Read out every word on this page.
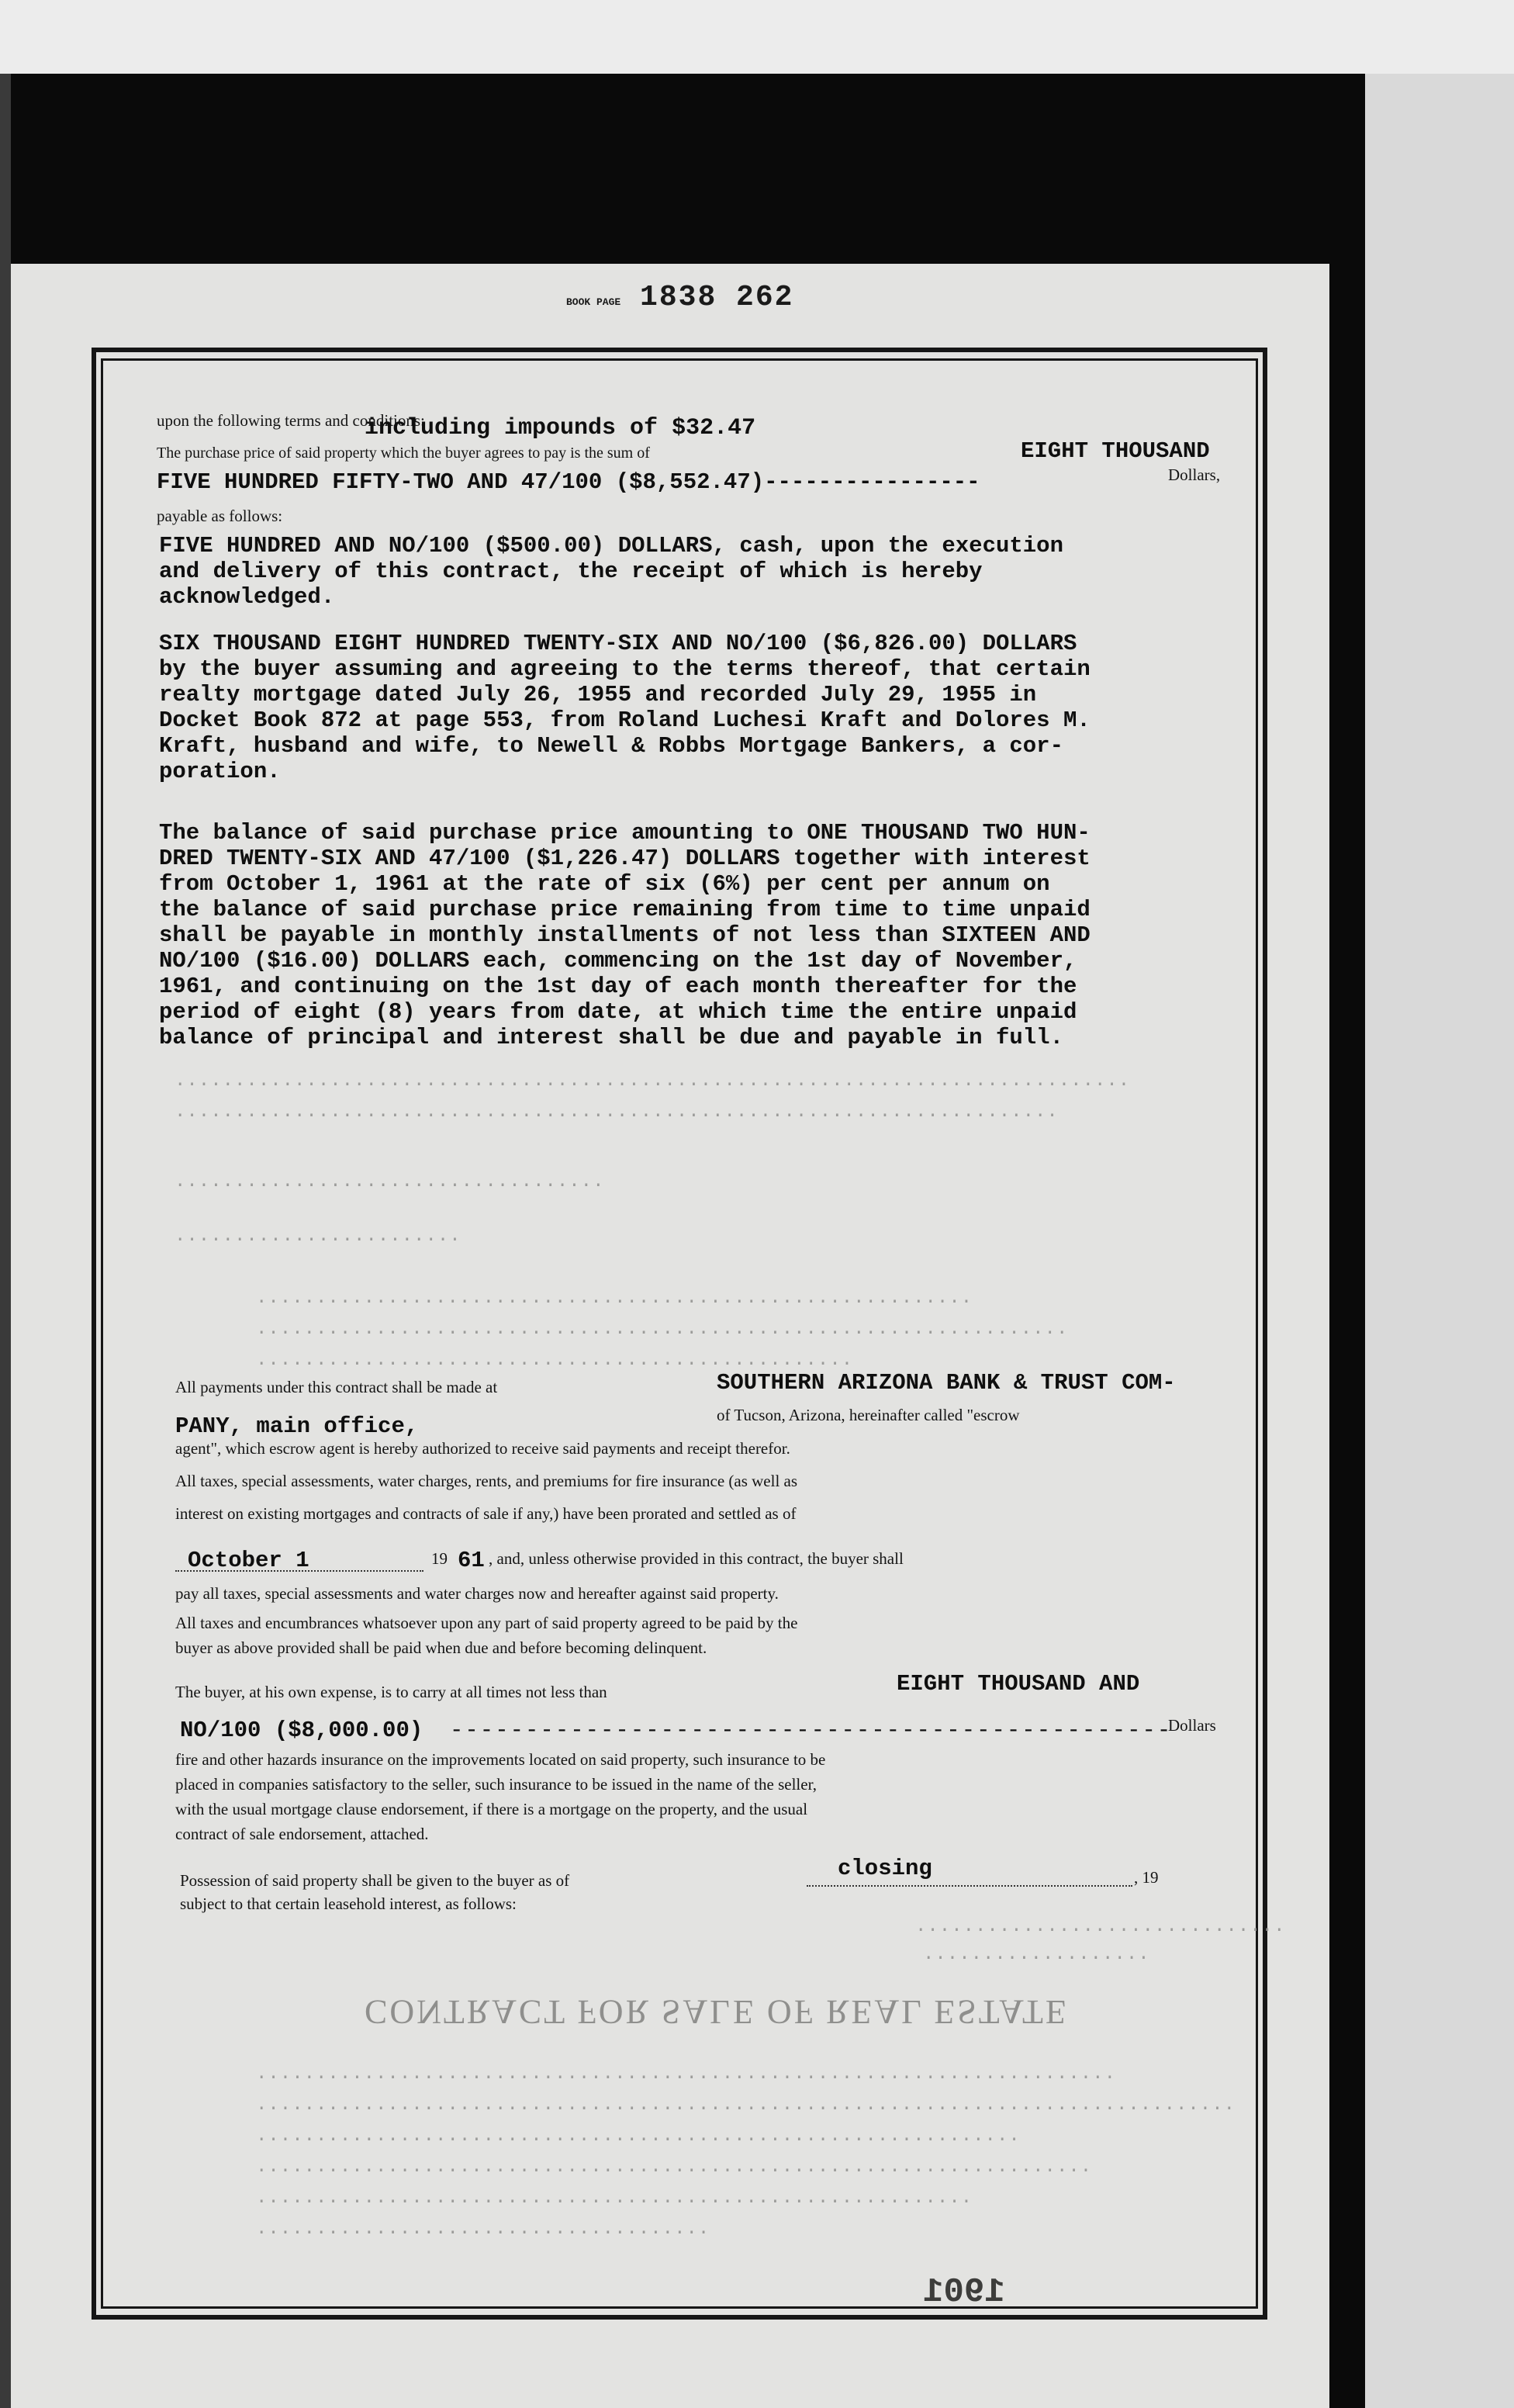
BOOK PAGE 1838 262
upon the following terms and conditions:
including impounds of $32.47
The purchase price of said property which the buyer agrees to pay is the sum of	EIGHT THOUSAND
FIVE HUNDRED FIFTY-TWO AND 47/100 ($8,552.47)----------------	Dollars,
payable as follows:
FIVE HUNDRED AND NO/100 ($500.00) DOLLARS, cash, upon the execution
and delivery of this contract, the receipt of which is hereby
acknowledged.
SIX THOUSAND EIGHT HUNDRED TWENTY-SIX AND NO/100 ($6,826.00) DOLLARS
by the buyer assuming and agreeing to the terms thereof, that certain
realty mortgage dated July 26, 1955 and recorded July 29, 1955 in
Docket Book 872 at page 553, from Roland Luchesi Kraft and Dolores M.
Kraft, husband and wife, to Newell & Robbs Mortgage Bankers, a cor-
poration.
The balance of said purchase price amounting to ONE THOUSAND TWO HUN-
DRED TWENTY-SIX AND 47/100 ($1,226.47) DOLLARS together with interest
from October 1, 1961 at the rate of six (6%) per cent per annum on
the balance of said purchase price remaining from time to time unpaid
shall be payable in monthly installments of not less than SIXTEEN AND
NO/100 ($16.00) DOLLARS each, commencing on the 1st day of November,
1961, and continuing on the 1st day of each month thereafter for the
period of eight (8) years from date, at which time the entire unpaid
balance of principal and interest shall be due and payable in full.
................................................................................
..........................................................................
....................................
........................
............................................................
....................................................................
..................................................
All payments under this contract shall be made at	SOUTHERN ARIZONA BANK & TRUST COM-
PANY, main office,	of Tucson, Arizona, hereinafter called "escrow
agent", which escrow agent is hereby authorized to receive said payments and receipt therefor.
All taxes, special assessments, water charges, rents, and premiums for fire insurance (as well as
interest on existing mortgages and contracts of sale if any,) have been prorated and settled as of
October 1	19 61 , and, unless otherwise provided in this contract, the buyer shall
pay all taxes, special assessments and water charges now and hereafter against said property.
All taxes and encumbrances whatsoever upon any part of said property agreed to be paid by the
buyer as above provided shall be paid when due and before becoming delinquent.
The buyer, at his own expense, is to carry at all times not less than	EIGHT THOUSAND AND
NO/100 ($8,000.00) ------------------------------------------------
Dollars
fire and other hazards insurance on the improvements located on said property, such insurance to be
placed in companies satisfactory to the seller, such insurance to be issued in the name of the seller,
with the usual mortgage clause endorsement, if there is a mortgage on the property, and the usual
contract of sale endorsement, attached.
Possession of said property shall be given to the buyer as of	closing	, 19
subject to that certain leasehold interest, as follows:
...............................
...................
CONTRACT FOR SALE OF REAL ESTATE
........................................................................
..................................................................................
................................................................
......................................................................
............................................................
......................................
1901
